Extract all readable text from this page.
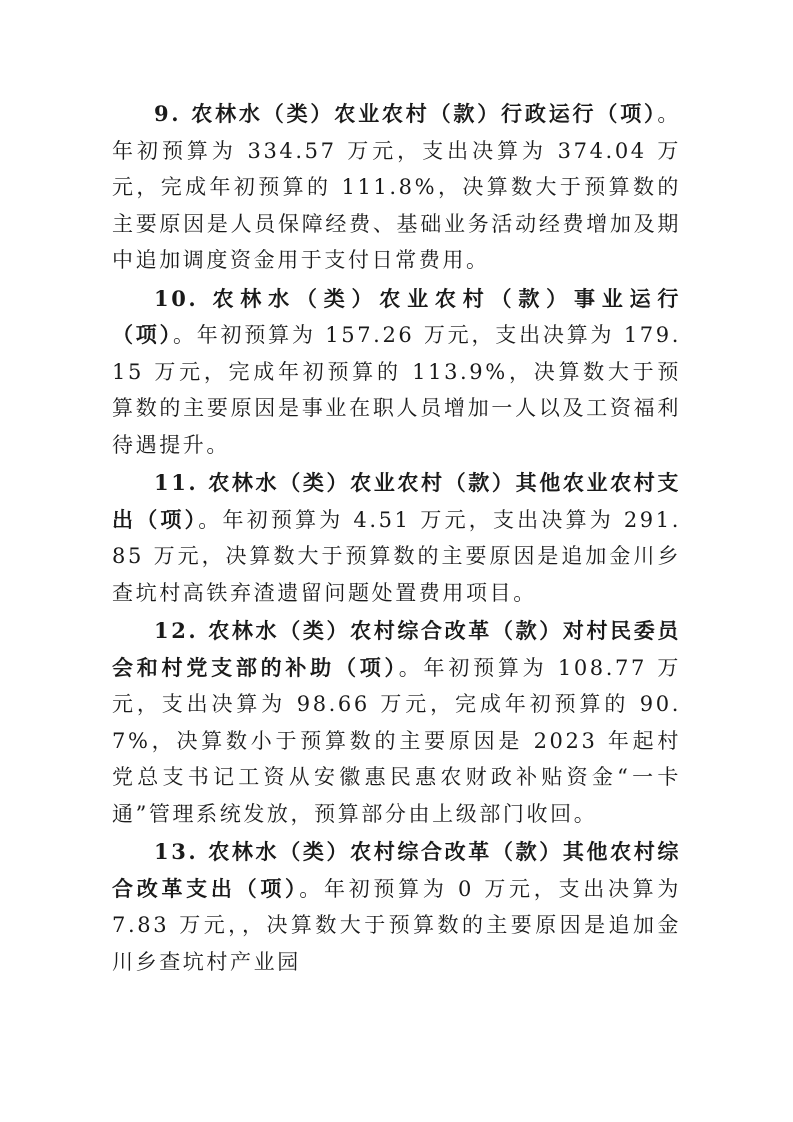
9. 农林水（类）农业农村（款）行政运行（项）。年初预算为 334.57 万元，支出决算为 374.04 万元，完成年初预算的 111.8%，决算数大于预算数的主要原因是人员保障经费、基础业务活动经费增加及期中追加调度资金用于支付日常费用。

10. 农林水（类）农业农村（款）事业运行（项）。年初预算为 157.26 万元，支出决算为 179.15 万元，完成年初预算的 113.9%，决算数大于预算数的主要原因是事业在职人员增加一人以及工资福利待遇提升。

11. 农林水（类）农业农村（款）其他农业农村支出（项）。年初预算为 4.51 万元，支出决算为 291.85 万元，决算数大于预算数的主要原因是追加金川乡查坑村高铁弃渣遗留问题处置费用项目。

12. 农林水（类）农村综合改革（款）对村民委员会和村党支部的补助（项）。年初预算为 108.77 万元，支出决算为 98.66 万元，完成年初预算的 90.7%，决算数小于预算数的主要原因是 2023 年起村党总支书记工资从安徽惠民惠农财政补贴资金“一卡通”管理系统发放，预算部分由上级部门收回。

13. 农林水（类）农村综合改革（款）其他农村综合改革支出（项）。年初预算为 0 万元，支出决算为 7.83 万元，，决算数大于预算数的主要原因是追加金川乡查坑村产业园
